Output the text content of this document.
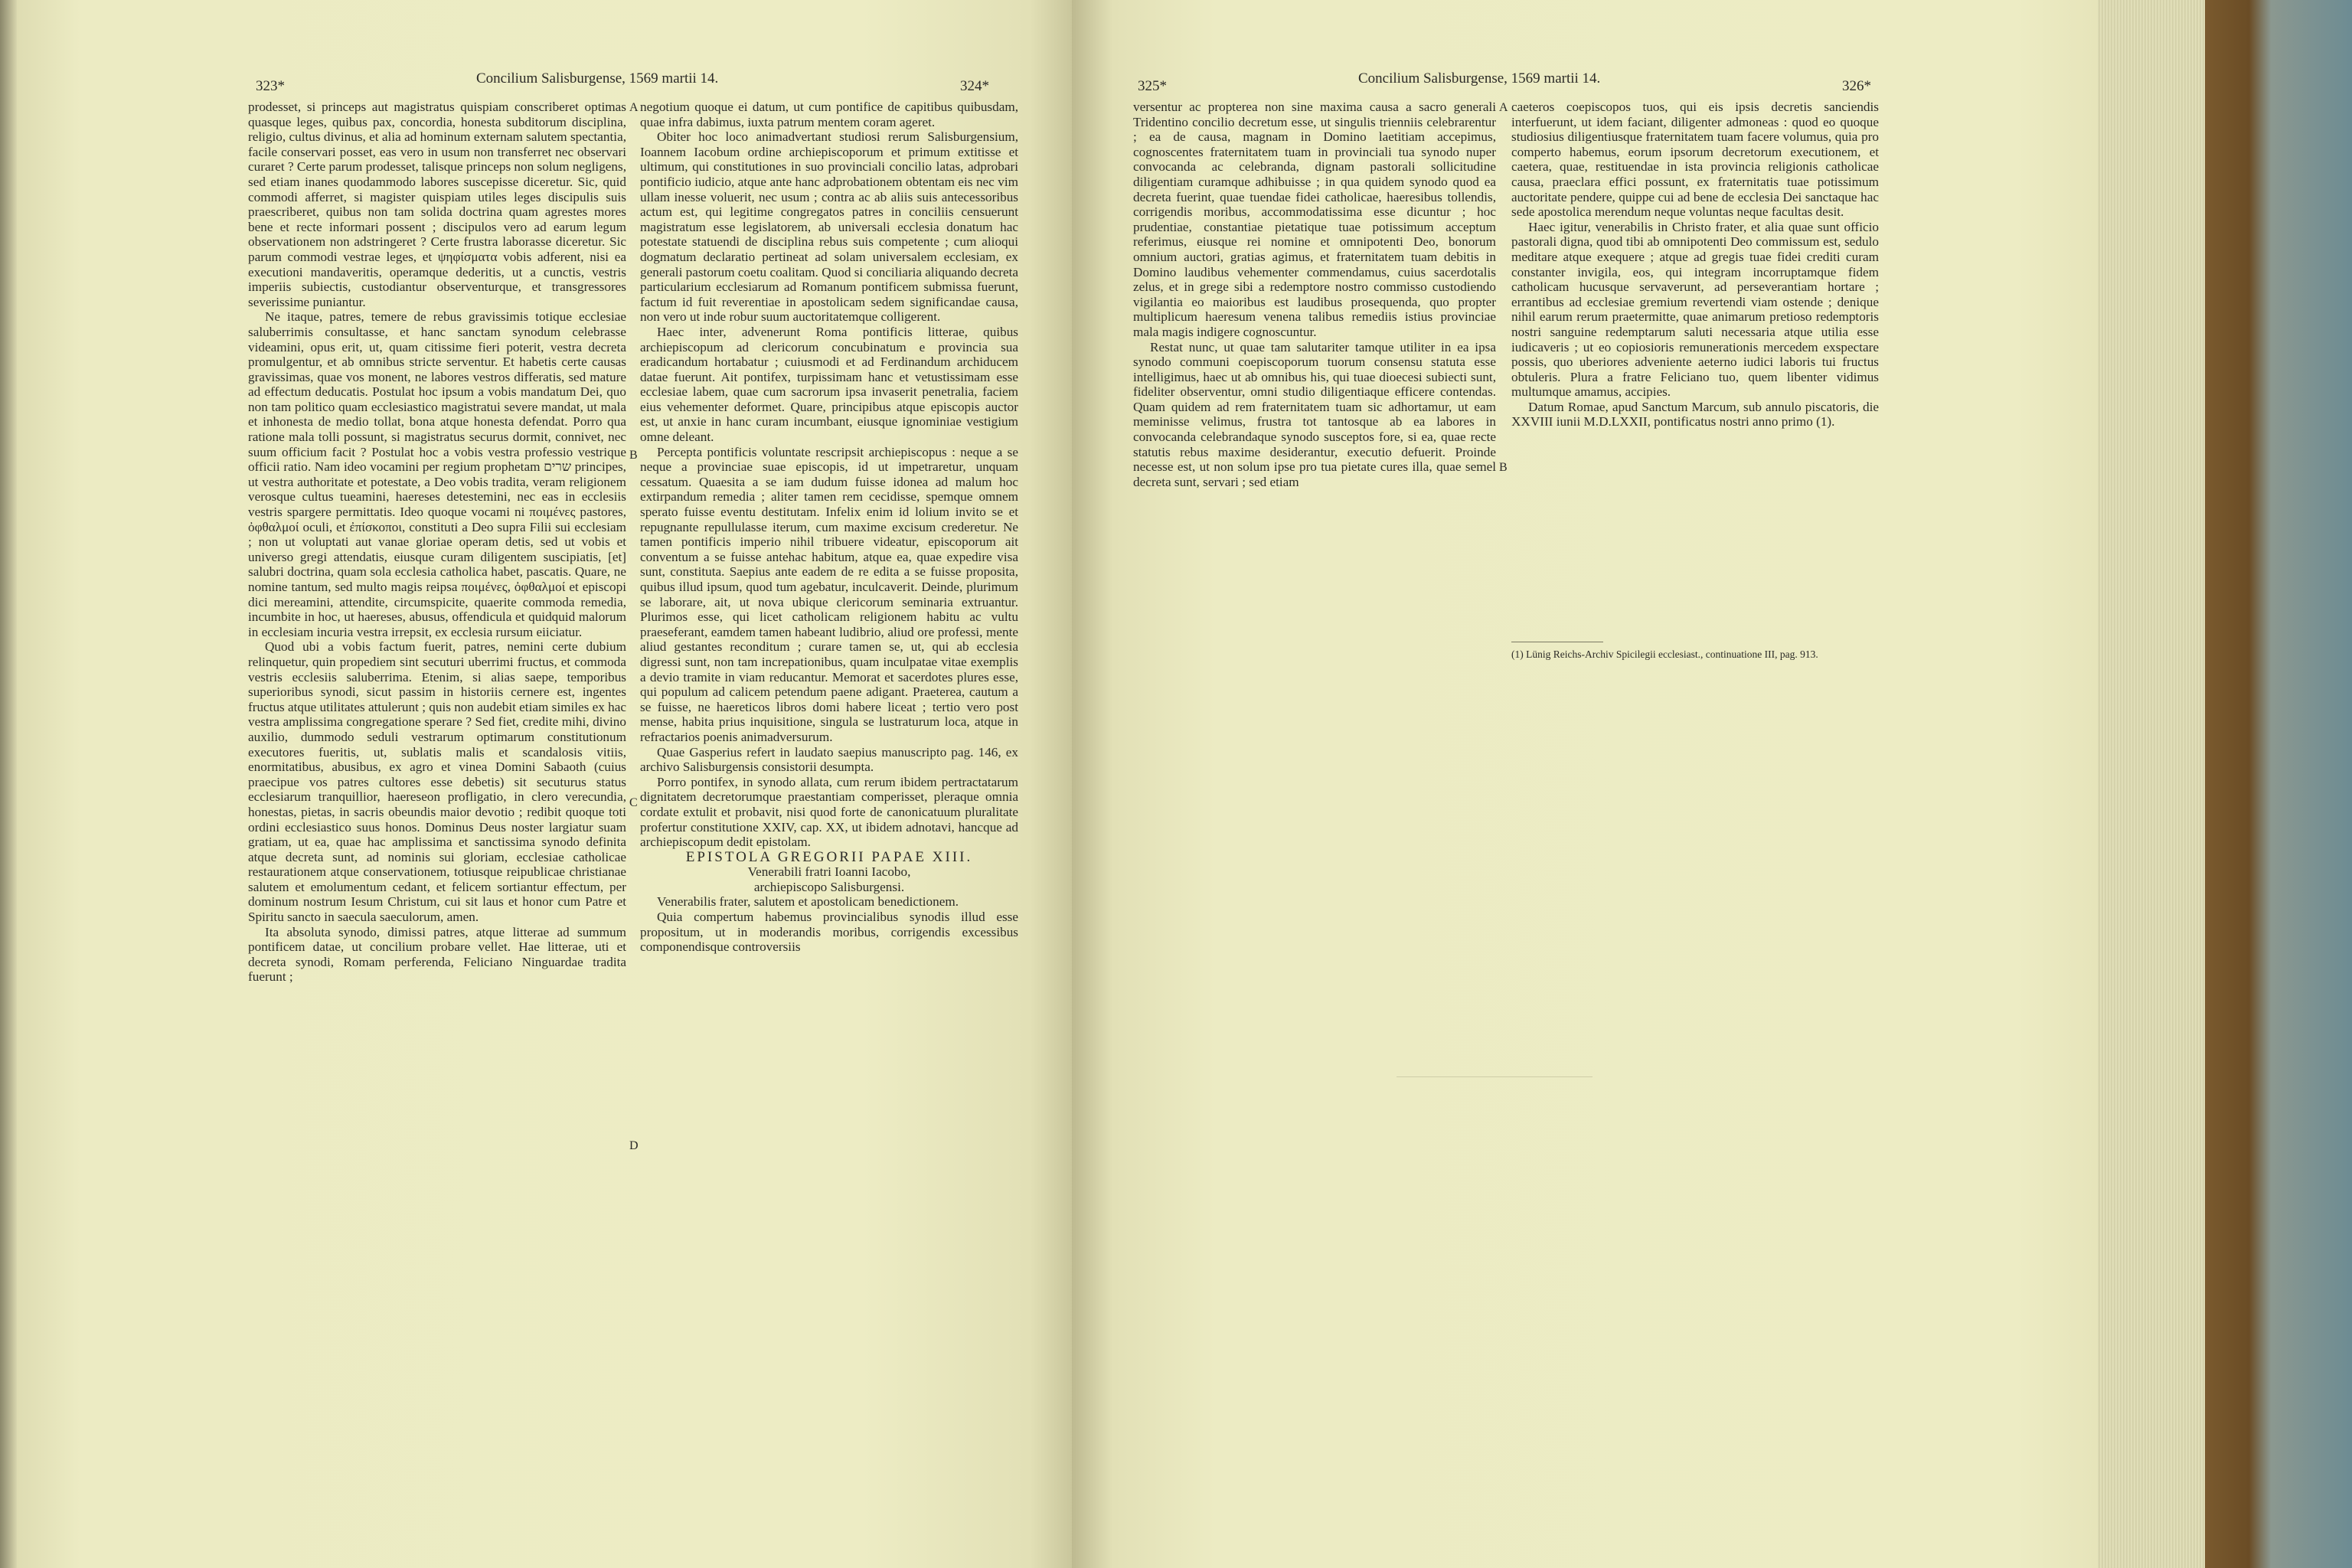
323*	Concilium Salisburgense, 1569 martii 14.	324*

prodesset, si princeps aut magistratus quispiam conscriberet optimas quasque leges, quibus pax, concordia, honesta subditorum disciplina, religio, cultus divinus, et alia ad hominum externam salutem spectantia, facile conservari posset, eas vero in usum non transferret nec observari curaret ? Certe parum prodesset, talisque princeps non solum negligens, sed etiam inanes quodammodo labores suscepisse diceretur. Sic, quid commodi afferret, si magister quispiam utiles leges discipulis suis praescriberet, quibus non tam solida doctrina quam agrestes mores bene et recte informari possent ; discipulos vero ad earum legum observationem non adstringeret ? Certe frustra laborasse diceretur. Sic parum commodi vestrae leges, et ψηφίσματα vobis adferent, nisi ea executioni mandaveritis, operamque dederitis, ut a cunctis, vestris imperiis subiectis, custodiantur observenturque, et transgressores severissime puniantur.

Ne itaque, patres, temere de rebus gravissimis totique ecclesiae saluberrimis consultasse, et hanc sanctam synodum celebrasse videamini, opus erit, ut, quam citissime fieri poterit, vestra decreta promulgentur, et ab omnibus stricte serventur. Et habetis certe causas gravissimas, quae vos monent, ne labores vestros differatis, sed mature ad effectum deducatis. Postulat hoc ipsum a vobis mandatum Dei, quo non tam politico quam ecclesiastico magistratui severe mandat, ut mala et inhonesta de medio tollat, bona atque honesta defendat. Porro qua ratione mala tolli possunt, si magistratus securus dormit, connivet, nec suum officium facit ? Postulat hoc a vobis vestra professio vestrique officii ratio. Nam ideo vocamini per regium prophetam שרים principes, ut vestra authoritate et potestate, a Deo vobis tradita, veram religionem verosque cultus tueamini, haereses detestemini, nec eas in ecclesiis vestris spargere permittatis. Ideo quoque vocami ni ποιμένες pastores, ὀφθαλμοί oculi, et ἐπίσκοποι, constituti a Deo supra Filii sui ecclesiam ; non ut voluptati aut vanae gloriae operam detis, sed ut vobis et universo gregi attendatis, eiusque curam diligentem suscipiatis, [et] salubri doctrina, quam sola ecclesia catholica habet, pascatis. Quare, ne nomine tantum, sed multo magis reipsa ποιμένες, ὀφθαλμοί et episcopi dici mereamini, attendite, circumspicite, quaerite commoda remedia, incumbite in hoc, ut haereses, abusus, offendicula et quidquid malorum in ecclesiam incuria vestra irrepsit, ex ecclesia rursum eiiciatur.

Quod ubi a vobis factum fuerit, patres, nemini certe dubium relinquetur, quin propediem sint secuturi uberrimi fructus, et commoda vestris ecclesiis saluberrima. Etenim, si alias saepe, temporibus superioribus synodi, sicut passim in historiis cernere est, ingentes fructus atque utilitates attulerunt ; quis non audebit etiam similes ex hac vestra amplissima congregatione sperare ? Sed fiet, credite mihi, divino auxilio, dummodo seduli vestrarum optimarum constitutionum executores fueritis, ut, sublatis malis et scandalosis vitiis, enormitatibus, abusibus, ex agro et vinea Domini Sabaoth (cuius praecipue vos patres cultores esse debetis) sit secuturus status ecclesiarum tranquillior, haereseon profligatio, in clero verecundia, honestas, pietas, in sacris obeundis maior devotio ; redibit quoque toti ordini ecclesiastico suus honos. Dominus Deus noster largiatur suam gratiam, ut ea, quae hac amplissima et sanctissima synodo definita atque decreta sunt, ad nominis sui gloriam, ecclesiae catholicae restaurationem atque conservationem, totiusque reipublicae christianae salutem et emolumentum cedant, et felicem sortiantur effectum, per dominum nostrum Iesum Christum, cui sit laus et honor cum Patre et Spiritu sancto in saecula saeculorum, amen.

Ita absoluta synodo, dimissi patres, atque litterae ad summum pontificem datae, ut concilium probare vellet. Hae litterae, uti et decreta synodi, Romam perferenda, Feliciano Ninguardae tradita fuerunt ;

A
B
C
D

negotium quoque ei datum, ut cum pontifice de capitibus quibusdam, quae infra dabimus, iuxta patrum mentem coram ageret.

Obiter hoc loco animadvertant studiosi rerum Salisburgensium, Ioannem Iacobum ordine archiepiscoporum et primum extitisse et ultimum, qui constitutiones in suo provinciali concilio latas, adprobari pontificio iudicio, atque ante hanc adprobationem obtentam eis nec vim ullam inesse voluerit, nec usum ; contra ac ab aliis suis antecessoribus actum est, qui legitime congregatos patres in conciliis censuerunt magistratum esse legislatorem, ab universali ecclesia donatum hac potestate statuendi de disciplina rebus suis competente ; cum alioqui dogmatum declaratio pertineat ad solam universalem ecclesiam, ex generali pastorum coetu coalitam. Quod si conciliaria aliquando decreta particularium ecclesiarum ad Romanum pontificem submissa fuerunt, factum id fuit reverentiae in apostolicam sedem significandae causa, non vero ut inde robur suum auctoritatemque colligerent.

Haec inter, advenerunt Roma pontificis litterae, quibus archiepiscopum ad clericorum concubinatum e provincia sua eradicandum hortabatur ; cuiusmodi et ad Ferdinandum archiducem datae fuerunt. Ait pontifex, turpissimam hanc et vetustissimam esse ecclesiae labem, quae cum sacrorum ipsa invaserit penetralia, faciem eius vehementer deformet. Quare, principibus atque episcopis auctor est, ut anxie in hanc curam incumbant, eiusque ignominiae vestigium omne deleant.

Percepta pontificis voluntate rescripsit archiepiscopus : neque a se neque a provinciae suae episcopis, id ut impetraretur, unquam cessatum. Quaesita a se iam dudum fuisse idonea ad malum hoc extirpandum remedia ; aliter tamen rem cecidisse, spemque omnem sperato fuisse eventu destitutam. Infelix enim id lolium invito se et repugnante repullulasse iterum, cum maxime excisum crederetur. Ne tamen pontificis imperio nihil tribuere videatur, episcoporum ait conventum a se fuisse antehac habitum, atque ea, quae expedire visa sunt, constituta. Saepius ante eadem de re edita a se fuisse proposita, quibus illud ipsum, quod tum agebatur, inculcaverit. Deinde, plurimum se laborare, ait, ut nova ubique clericorum seminaria extruantur. Plurimos esse, qui licet catholicam religionem habitu ac vultu praeseferant, eamdem tamen habeant ludibrio, aliud ore professi, mente aliud gestantes reconditum ; curare tamen se, ut, qui ab ecclesia digressi sunt, non tam increpationibus, quam inculpatae vitae exemplis a devio tramite in viam reducantur. Memorat et sacerdotes plures esse, qui populum ad calicem petendum paene adigant. Praeterea, cautum a se fuisse, ne haereticos libros domi habere liceat ; tertio vero post mense, habita prius inquisitione, singula se lustraturum loca, atque in refractarios poenis animadversurum.

Quae Gasperius refert in laudato saepius manuscripto pag. 146, ex archivo Salisburgensis consistorii desumpta.

Porro pontifex, in synodo allata, cum rerum ibidem pertractatarum dignitatem decretorumque praestantiam comperisset, pleraque omnia cordate extulit et probavit, nisi quod forte de canonicatuum pluralitate profertur constitutione XXIV, cap. XX, ut ibidem adnotavi, hancque ad archiepiscopum dedit epistolam.

EPISTOLA GREGORII PAPAE XIII.

Venerabili fratri Ioanni Iacobo,
archiepiscopo Salisburgensi.

Venerabilis frater, salutem et apostolicam benedictionem.

Quia compertum habemus provincialibus synodis illud esse propositum, ut in moderandis moribus, corrigendis excessibus componendisque controversiis

325*	Concilium Salisburgense, 1569 martii 14.	326*

versentur ac propterea non sine maxima causa a sacro generali Tridentino concilio decretum esse, ut singulis trienniis celebrarentur ; ea de causa, magnam in Domino laetitiam accepimus, cognoscentes fraternitatem tuam in provinciali tua synodo nuper convocanda ac celebranda, dignam pastorali sollicitudine diligentiam curamque adhibuisse ; in qua quidem synodo quod ea decreta fuerint, quae tuendae fidei catholicae, haeresibus tollendis, corrigendis moribus, accommodatissima esse dicuntur ; hoc prudentiae, constantiae pietatique tuae potissimum acceptum referimus, eiusque rei nomine et omnipotenti Deo, bonorum omnium auctori, gratias agimus, et fraternitatem tuam debitis in Domino laudibus vehementer commendamus, cuius sacerdotalis zelus, et in grege sibi a redemptore nostro commisso custodiendo vigilantia eo maioribus est laudibus prosequenda, quo propter multiplicum haeresum venena talibus remediis istius provinciae mala magis indigere cognoscuntur.

Restat nunc, ut quae tam salutariter tamque utiliter in ea ipsa synodo communi coepiscoporum tuorum consensu statuta esse intelligimus, haec ut ab omnibus his, qui tuae dioecesi subiecti sunt, fideliter observentur, omni studio diligentiaque efficere contendas. Quam quidem ad rem fraternitatem tuam sic adhortamur, ut eam meminisse velimus, frustra tot tantosque ab ea labores in convocanda celebrandaque synodo susceptos fore, si ea, quae recte statutis rebus maxime desiderantur, executio defuerit. Proinde necesse est, ut non solum ipse pro tua pietate cures illa, quae semel decreta sunt, servari ; sed etiam

A
B

caeteros coepiscopos tuos, qui eis ipsis decretis sanciendis interfuerunt, ut idem faciant, diligenter admoneas : quod eo quoque studiosius diligentiusque fraternitatem tuam facere volumus, quia pro comperto habemus, eorum ipsorum decretorum executionem, et caetera, quae, restituendae in ista provincia religionis catholicae causa, praeclara effici possunt, ex fraternitatis tuae potissimum auctoritate pendere, quippe cui ad bene de ecclesia Dei sanctaque hac sede apostolica merendum neque voluntas neque facultas desit.

Haec igitur, venerabilis in Christo frater, et alia quae sunt officio pastorali digna, quod tibi ab omnipotenti Deo commissum est, sedulo meditare atque exequere ; atque ad gregis tuae fidei crediti curam constanter invigila, eos, qui integram incorruptamque fidem catholicam hucusque servaverunt, ad perseverantiam hortare ; errantibus ad ecclesiae gremium revertendi viam ostende ; denique nihil earum rerum praetermitte, quae animarum pretioso redemptoris nostri sanguine redemptarum saluti necessaria atque utilia esse iudicaveris ; ut eo copiosioris remunerationis mercedem exspectare possis, quo uberiores adveniente aeterno iudici laboris tui fructus obtuleris. Plura a fratre Feliciano tuo, quem libenter vidimus multumque amamus, accipies.

Datum Romae, apud Sanctum Marcum, sub annulo piscatoris, die XXVIII iunii M.D.LXXII, pontificatus nostri anno primo (1).

(1) Lünig Reichs-Archiv Spicilegii ecclesiast., continuatione III, pag. 913.
